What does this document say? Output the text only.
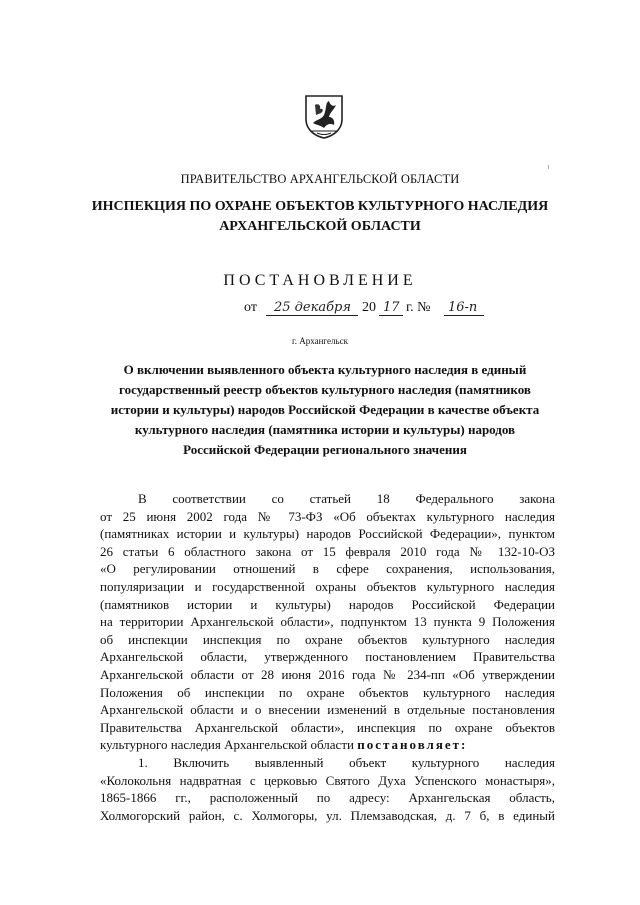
ПРАВИТЕЛЬСТВО АРХАНГЕЛЬСКОЙ ОБЛАСТИ
ИНСПЕКЦИЯ ПО ОХРАНЕ ОБЪЕКТОВ КУЛЬТУРНОГО НАСЛЕДИЯ
АРХАНГЕЛЬСКОЙ ОБЛАСТИ
ПОСТАНОВЛЕНИЕ
от 25 декабря 20 17 г. № 16-п
г. Архангельск
О включении выявленного объекта культурного наследия в единый государственный реестр объектов культурного наследия (памятников истории и культуры) народов Российской Федерации в качестве объекта культурного наследия (памятника истории и культуры) народов Российской Федерации регионального значения
В соответствии со статьей 18 Федерального закона
от 25 июня 2002 года № 73-ФЗ «Об объектах культурного наследия
(памятниках истории и культуры) народов Российской Федерации», пунктом
26 статьи 6 областного закона от 15 февраля 2010 года № 132-10-ОЗ
«О регулировании отношений в сфере сохранения, использования,
популяризации и государственной охраны объектов культурного наследия
(памятников истории и культуры) народов Российской Федерации
на территории Архангельской области», подпунктом 13 пункта 9 Положения
об инспекции инспекция по охране объектов культурного наследия
Архангельской области, утвержденного постановлением Правительства
Архангельской области от 28 июня 2016 года № 234-пп «Об утверждении
Положения об инспекции по охране объектов культурного наследия
Архангельской области и о внесении изменений в отдельные постановления
Правительства Архангельской области», инспекция по охране объектов
культурного наследия Архангельской области постановляет:
1. Включить выявленный объект культурного наследия
«Колокольня надвратная с церковью Святого Духа Успенского монастыря»,
1865-1866 гг., расположенный по адресу: Архангельская область,
Холмогорский район, с. Холмогоры, ул. Племзаводская, д. 7 б, в единый
